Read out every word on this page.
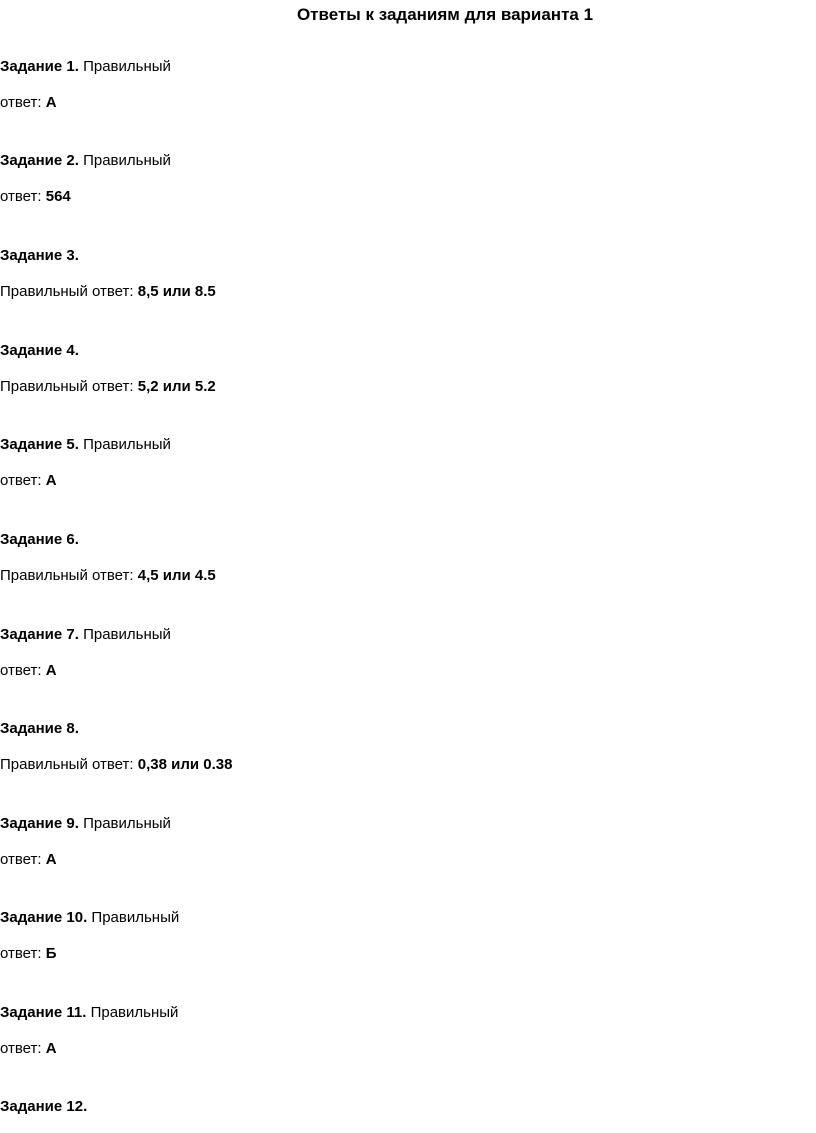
Ответы к заданиям для варианта 1
Задание 1. Правильный
ответ: А
Задание 2. Правильный
ответ: 564
Задание 3.
Правильный ответ: 8,5 или 8.5
Задание 4.
Правильный ответ: 5,2 или 5.2
Задание 5. Правильный
ответ: А
Задание 6.
Правильный ответ: 4,5 или 4.5
Задание 7. Правильный
ответ: А
Задание 8.
Правильный ответ: 0,38 или 0.38
Задание 9. Правильный
ответ: А
Задание 10. Правильный
ответ: Б
Задание 11. Правильный
ответ: А
Задание 12.
